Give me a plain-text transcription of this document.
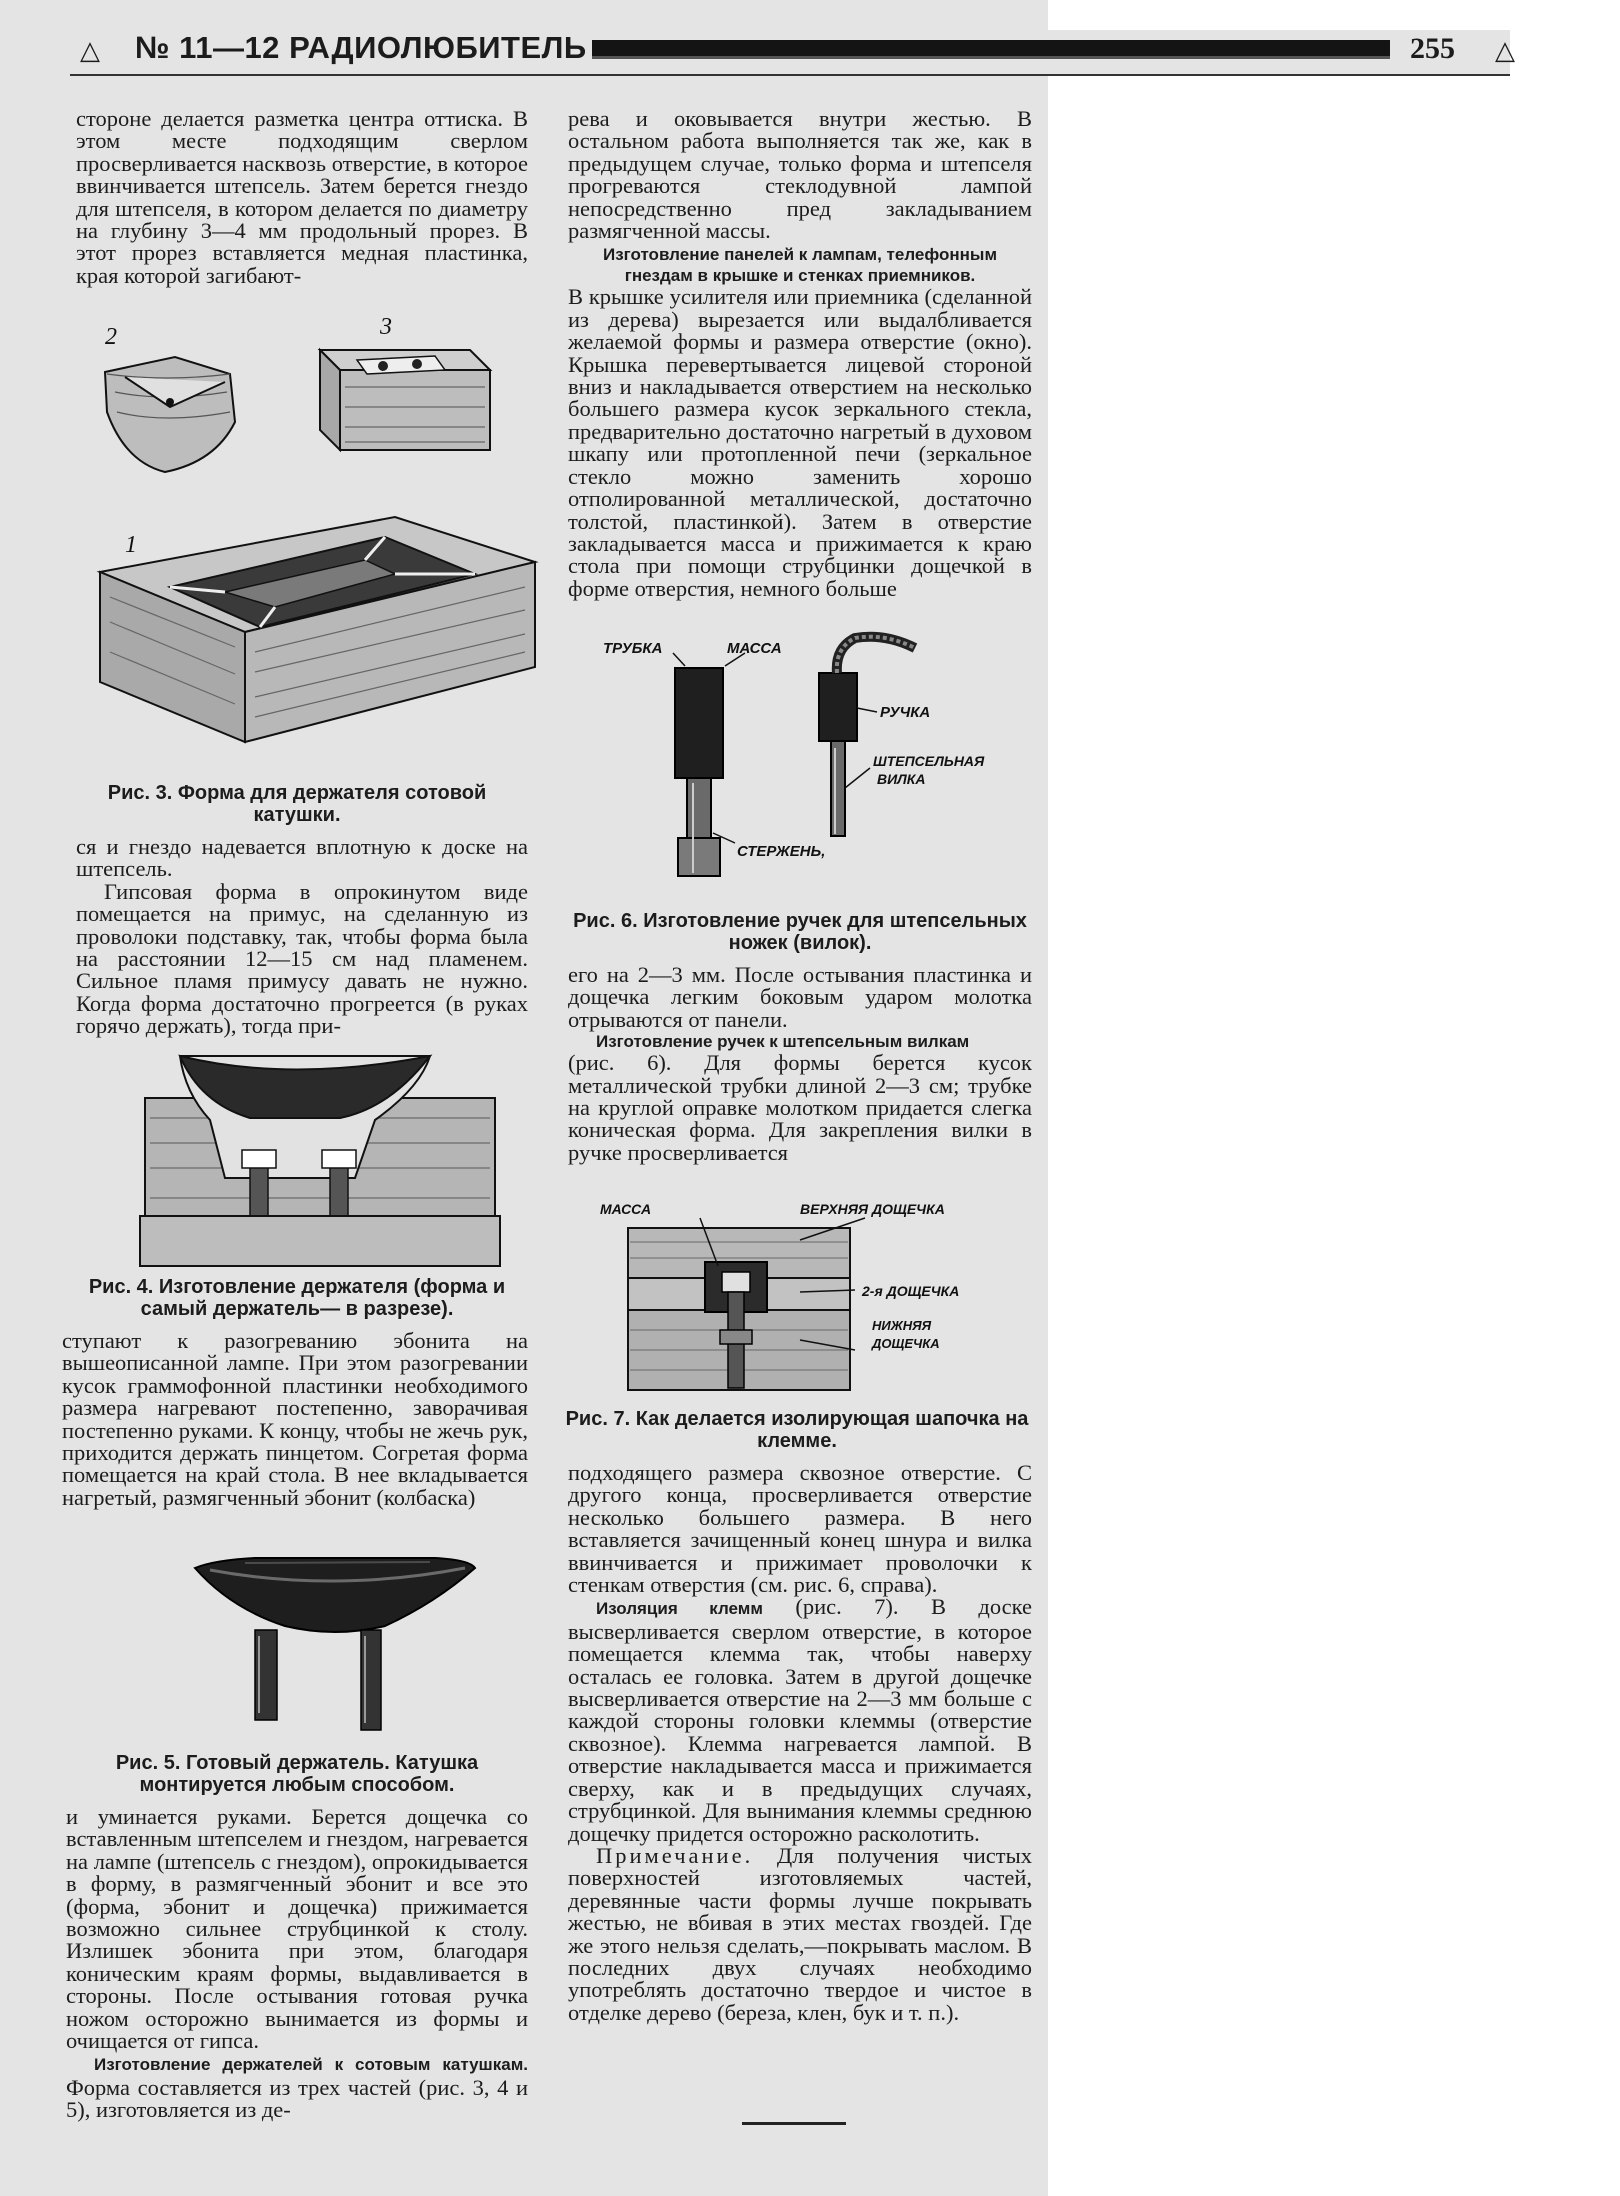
△ № 11—12 РАДИОЛЮБИТЕЛЬ	255 △

стороне делается разметка центра оттиска. В этом месте подходящим сверлом просверливается насквозь отверстие, в которое ввинчивается штепсель. Затем берется гнездо для штепселя, в котором делается по диаметру на глубину 3—4 мм продольный прорез. В этот прорез вставляется медная пластинка, края которой загибают-

2	3
1
Рис. 3. Форма для держателя сотовой катушки.

ся и гнездо надевается вплотную к доске на штепсель.

Гипсовая форма в опрокинутом виде помещается на примус, на сделанную из проволоки подставку, так, чтобы форма была на расстоянии 12—15 см над пламенем. Сильное пламя примусу давать не нужно. Когда форма достаточно прогреется (в руках горячо держать), тогда при-

Рис. 4. Изготовление держателя (форма и самый держатель— в разрезе).

ступают к разогреванию эбонита на вышеописанной лампе. При этом разогревании кусок граммофонной пластинки необходимого размера нагревают постепенно, заворачивая постепенно руками. К концу, чтобы не жечь рук, приходится держать пинцетом. Согретая форма помещается на край стола. В нее вкладывается нагретый, размягченный эбонит (колбаска)

Рис. 5. Готовый держатель. Катушка монтируется любым способом.

и уминается руками. Берется дощечка со вставленным штепселем и гнездом, нагревается на лампе (штепсель с гнездом), опрокидывается в форму, в размягченный эбонит и все это (форма, эбонит и дощечка) прижимается возможно сильнее струбцинкой к столу. Излишек эбонита при этом, благодаря коническим краям формы, выдавливается в стороны. После остывания готовая ручка ножом осторожно вынимается из формы и очищается от гипса.

Изготовление держателей к сотовым катушкам. Форма составляется из трех частей (рис. 3, 4 и 5), изготовляется из де-

рева и оковывается внутри жестью. В остальном работа выполняется так же, как в предыдущем случае, только форма и штепселя прогреваются стеклодувной лампой непосредственно пред закладыванием размягченной массы.

Изготовление панелей к лампам, телефонным гнездам в крышке и стенках приемников.

В крышке усилителя или приемника (сделанной из дерева) вырезается или выдалбливается желаемой формы и размера отверстие (окно). Крышка перевертывается лицевой стороной вниз и накладывается отверстием на несколько большего размера кусок зеркального стекла, предварительно достаточно нагретый в духовом шкапу или протопленной печи (зеркальное стекло можно заменить хорошо отполированной металлической, достаточно толстой, пластинкой). Затем в отверстие закладывается масса и прижимается к краю стола при помощи струбцинки дощечкой в форме отверстия, немного больше

ТРУБКА	МАССА
РУЧКА
ШТЕПСЕЛЬНАЯ
ВИЛКА
СТЕРЖЕНЬ,
Рис. 6. Изготовление ручек для штепсельных ножек (вилок).

его на 2—3 мм. После остывания пластинка и дощечка легким боковым ударом молотка отрываются от панели.

Изготовление ручек к штепсельным вилкам

(рис. 6). Для формы берется кусок металлической трубки длиной 2—3 см; трубке на круглой оправке молотком придается слегка коническая форма. Для закрепления вилки в ручке просверливается

МАССА	ВЕРХНЯЯ ДОЩЕЧКА
2-я ДОЩЕЧКА
НИЖНЯЯ
ДОЩЕЧКА
Рис. 7. Как делается изолирующая шапочка на клемме.

подходящего размера сквозное отверстие. С другого конца, просверливается отверстие несколько большего размера. В него вставляется зачищенный конец шнура и вилка ввинчивается и прижимает проволочки к стенкам отверстия (см. рис. 6, справа).

Изоляция клемм (рис. 7). В доске высверливается сверлом отверстие, в которое помещается клемма так, чтобы наверху осталась ее головка. Затем в другой дощечке высверливается отверстие на 2—3 мм больше с каждой стороны головки клеммы (отверстие сквозное). Клемма нагревается лампой. В отверстие накладывается масса и прижимается сверху, как и в предыдущих случаях, струбцинкой. Для вынимания клеммы среднюю дощечку придется осторожно расколотить.

Примечание. Для получения чистых поверхностей изготовляемых частей, деревянные части формы лучше покрывать жестью, не вбивая в этих местах гвоздей. Где же этого нельзя сделать,—покрывать маслом. В последних двух случаях необходимо употреблять достаточно твердое и чистое в отделке дерево (береза, клен, бук и т. п.).
